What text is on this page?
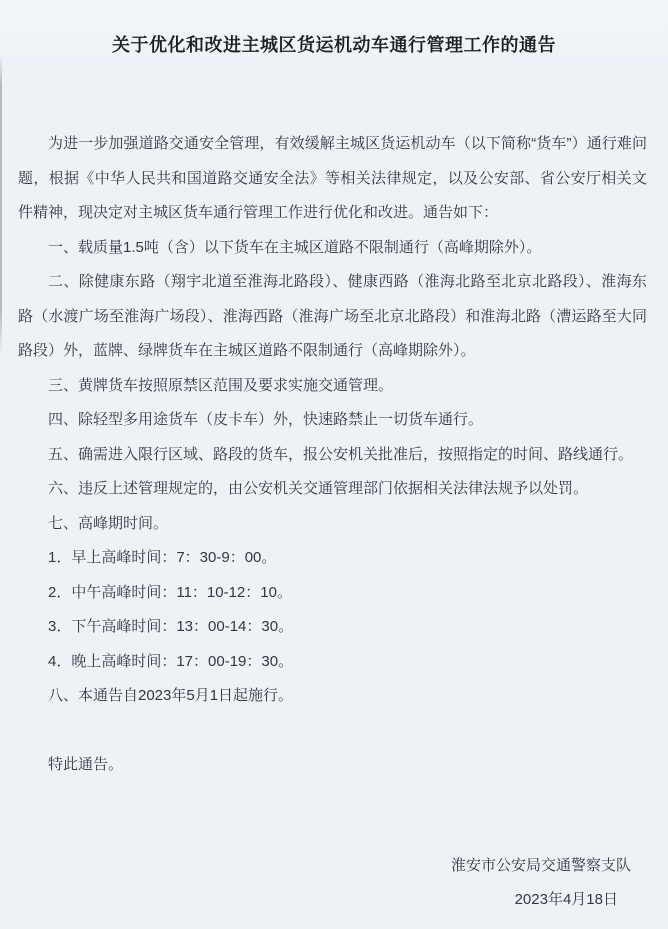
关于优化和改进主城区货运机动车通行管理工作的通告

为进一步加强道路交通安全管理，有效缓解主城区货运机动车（以下简称“货车”）通行难问题，根据《中华人民共和国道路交通安全法》等相关法律规定，以及公安部、省公安厅相关文件精神，现决定对主城区货车通行管理工作进行优化和改进。通告如下：

一、载质量1.5吨（含）以下货车在主城区道路不限制通行（高峰期除外）。

二、除健康东路（翔宇北道至淮海北路段）、健康西路（淮海北路至北京北路段）、淮海东路（水渡广场至淮海广场段）、淮海西路（淮海广场至北京北路段）和淮海北路（漕运路至大同路段）外，蓝牌、绿牌货车在主城区道路不限制通行（高峰期除外）。

三、黄牌货车按照原禁区范围及要求实施交通管理。

四、除轻型多用途货车（皮卡车）外，快速路禁止一切货车通行。

五、确需进入限行区域、路段的货车，报公安机关批准后，按照指定的时间、路线通行。

六、违反上述管理规定的，由公安机关交通管理部门依据相关法律法规予以处罚。

七、高峰期时间。

1．早上高峰时间：7：30-9：00。

2．中午高峰时间：11：10-12：10。

3．下午高峰时间：13：00-14：30。

4．晚上高峰时间：17：00-19：30。

八、本通告自2023年5月1日起施行。

特此通告。

淮安市公安局交通警察支队

2023年4月18日
